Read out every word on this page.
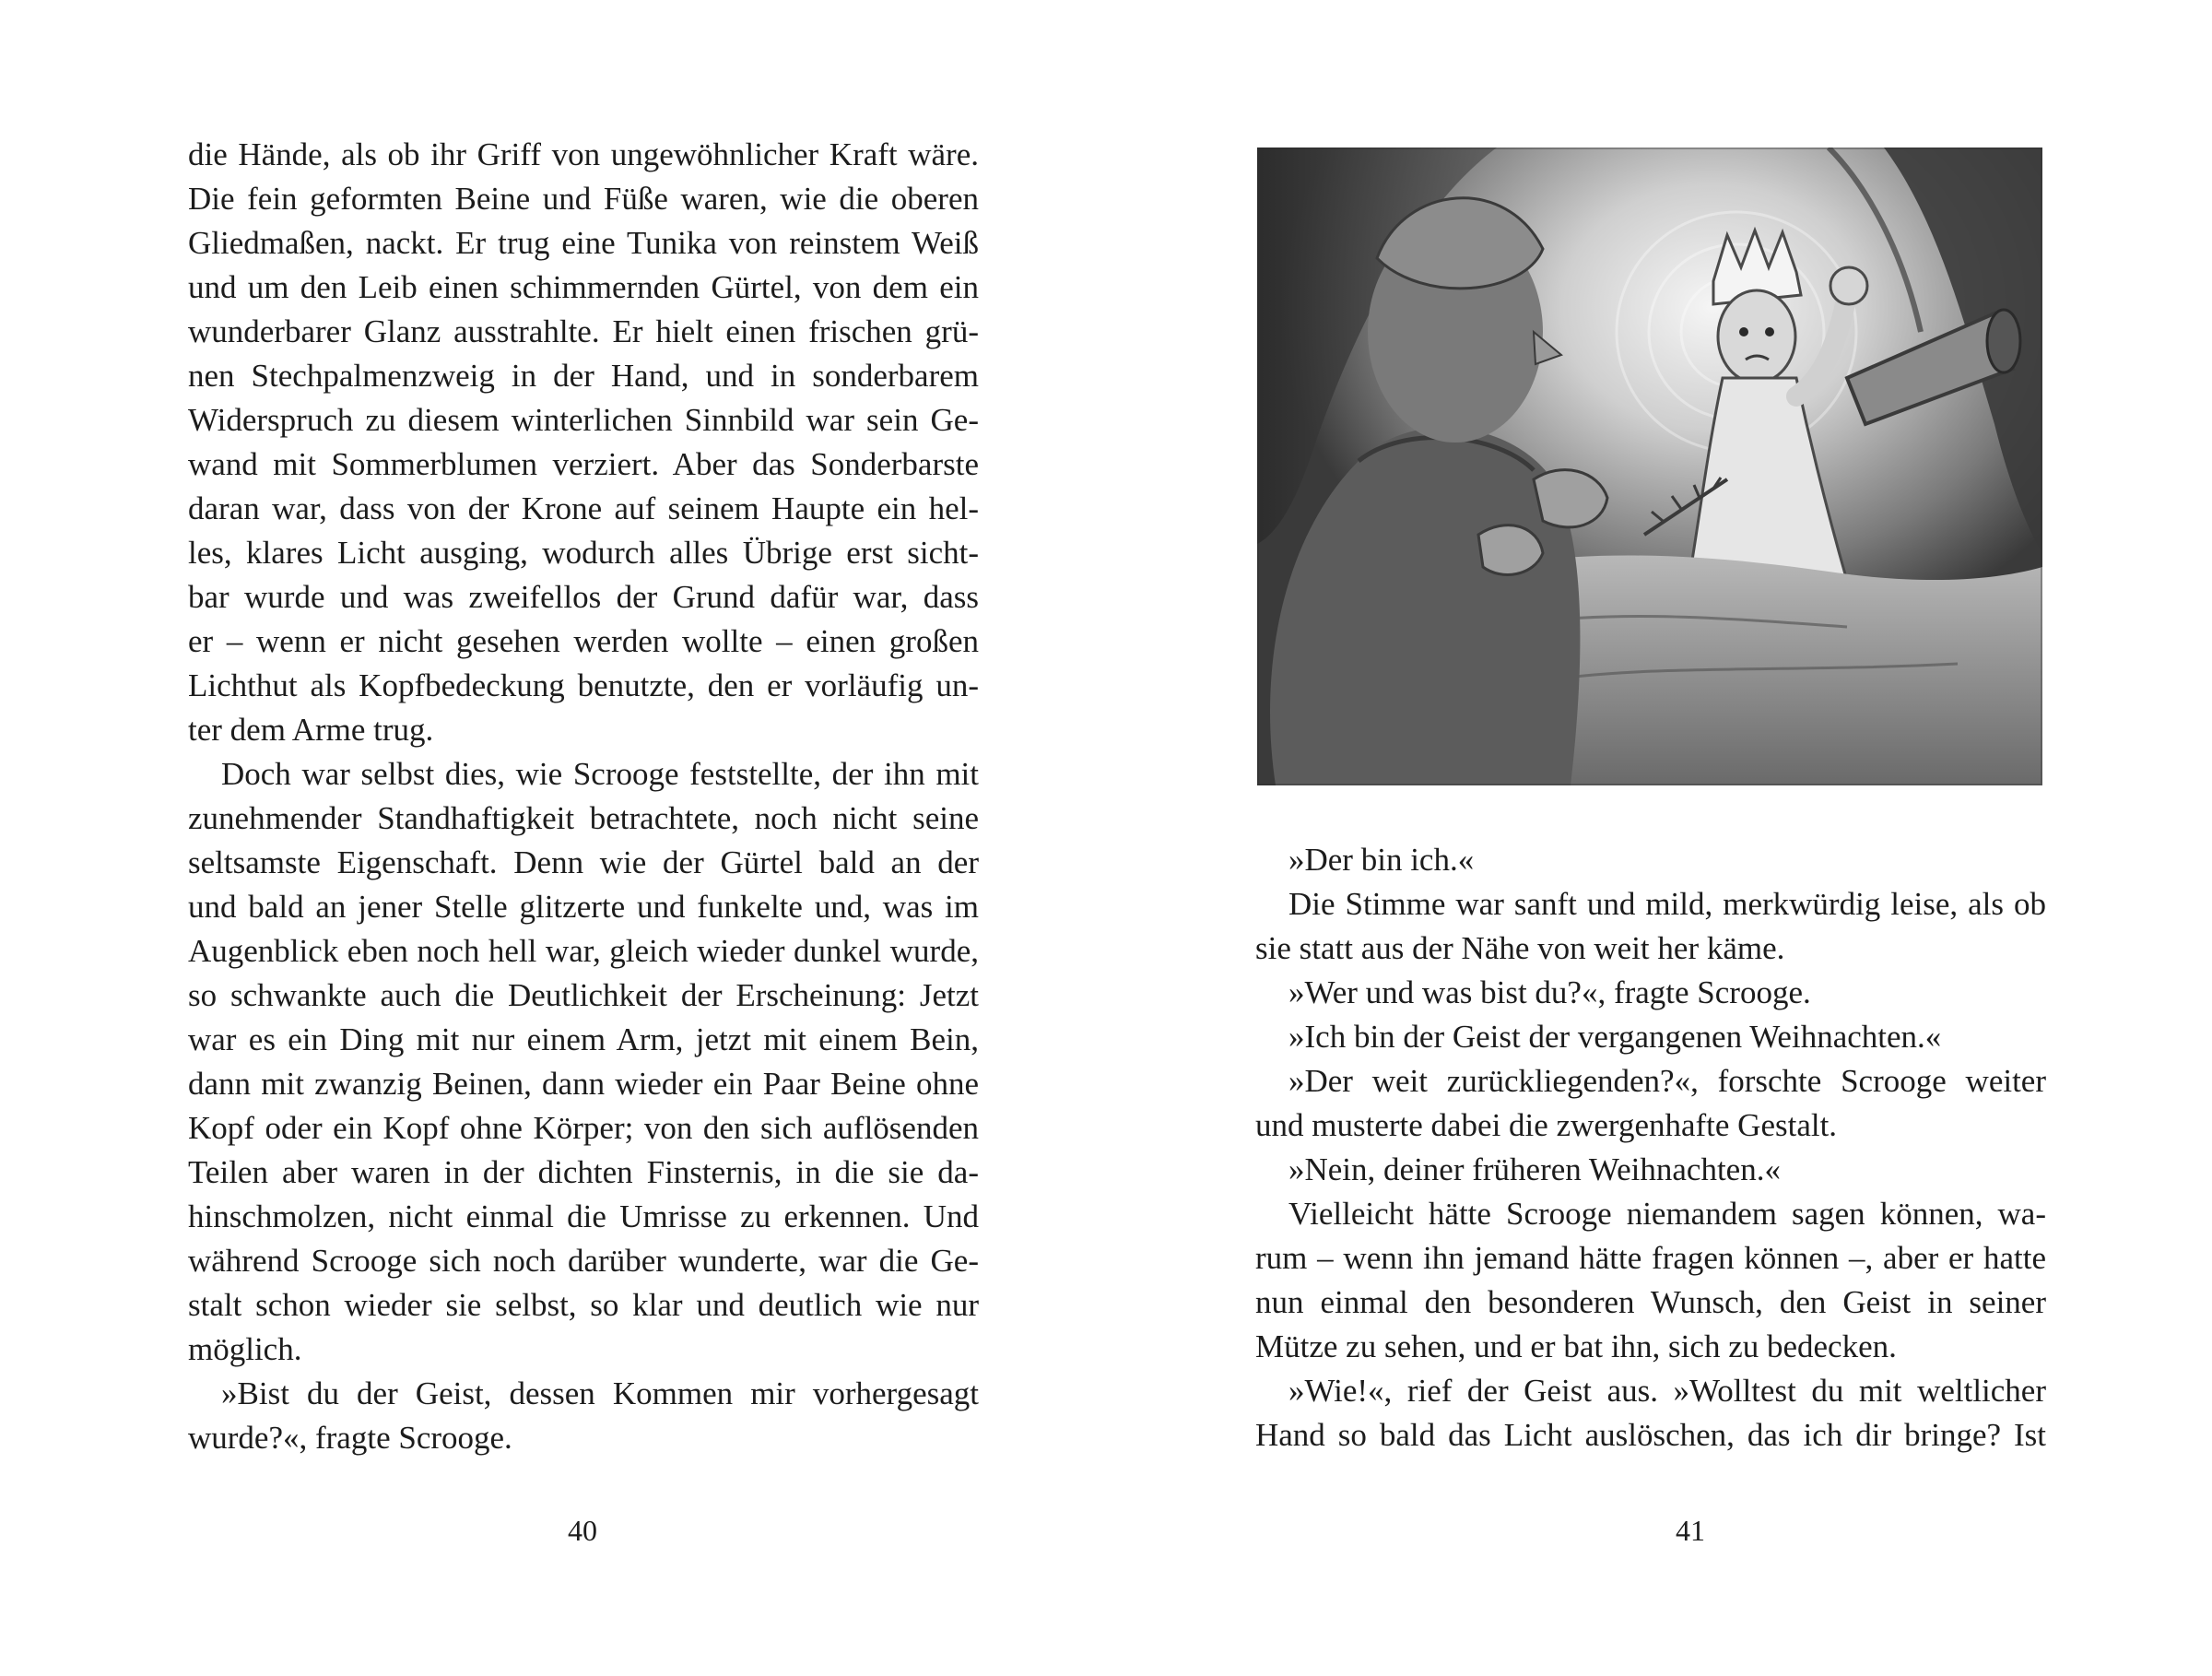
die Hände, als ob ihr Griff von ungewöhnlicher Kraft wäre.
Die fein geformten Beine und Füße waren, wie die oberen
Gliedmaßen, nackt. Er trug eine Tunika von reinstem Weiß
und um den Leib einen schimmernden Gürtel, von dem ein
wunderbarer Glanz ausstrahlte. Er hielt einen frischen grü-
nen Stechpalmenzweig in der Hand, und in sonderbarem
Widerspruch zu diesem winterlichen Sinnbild war sein Ge-
wand mit Sommerblumen verziert. Aber das Sonderbarste
daran war, dass von der Krone auf seinem Haupte ein hel-
les, klares Licht ausging, wodurch alles Übrige erst sicht-
bar wurde und was zweifellos der Grund dafür war, dass
er – wenn er nicht gesehen werden wollte – einen großen
Lichthut als Kopfbedeckung benutzte, den er vorläufig un-
ter dem Arme trug.
Doch war selbst dies, wie Scrooge feststellte, der ihn mit
zunehmender Standhaftigkeit betrachtete, noch nicht seine
seltsamste Eigenschaft. Denn wie der Gürtel bald an der
und bald an jener Stelle glitzerte und funkelte und, was im
Augenblick eben noch hell war, gleich wieder dunkel wurde,
so schwankte auch die Deutlichkeit der Erscheinung: Jetzt
war es ein Ding mit nur einem Arm, jetzt mit einem Bein,
dann mit zwanzig Beinen, dann wieder ein Paar Beine ohne
Kopf oder ein Kopf ohne Körper; von den sich auflösenden
Teilen aber waren in der dichten Finsternis, in die sie da-
hinschmolzen, nicht einmal die Umrisse zu erkennen. Und
während Scrooge sich noch darüber wunderte, war die Ge-
stalt schon wieder sie selbst, so klar und deutlich wie nur
möglich.
»Bist du der Geist, dessen Kommen mir vorhergesagt
wurde?«, fragte Scrooge.
40
»Der bin ich.«
Die Stimme war sanft und mild, merkwürdig leise, als ob
sie statt aus der Nähe von weit her käme.
»Wer und was bist du?«, fragte Scrooge.
»Ich bin der Geist der vergangenen Weihnachten.«
»Der weit zurückliegenden?«, forschte Scrooge weiter
und musterte dabei die zwergenhafte Gestalt.
»Nein, deiner früheren Weihnachten.«
Vielleicht hätte Scrooge niemandem sagen können, wa-
rum – wenn ihn jemand hätte fragen können –, aber er hatte
nun einmal den besonderen Wunsch, den Geist in seiner
Mütze zu sehen, und er bat ihn, sich zu bedecken.
»Wie!«, rief der Geist aus. »Wolltest du mit weltlicher
Hand so bald das Licht auslöschen, das ich dir bringe? Ist
41
